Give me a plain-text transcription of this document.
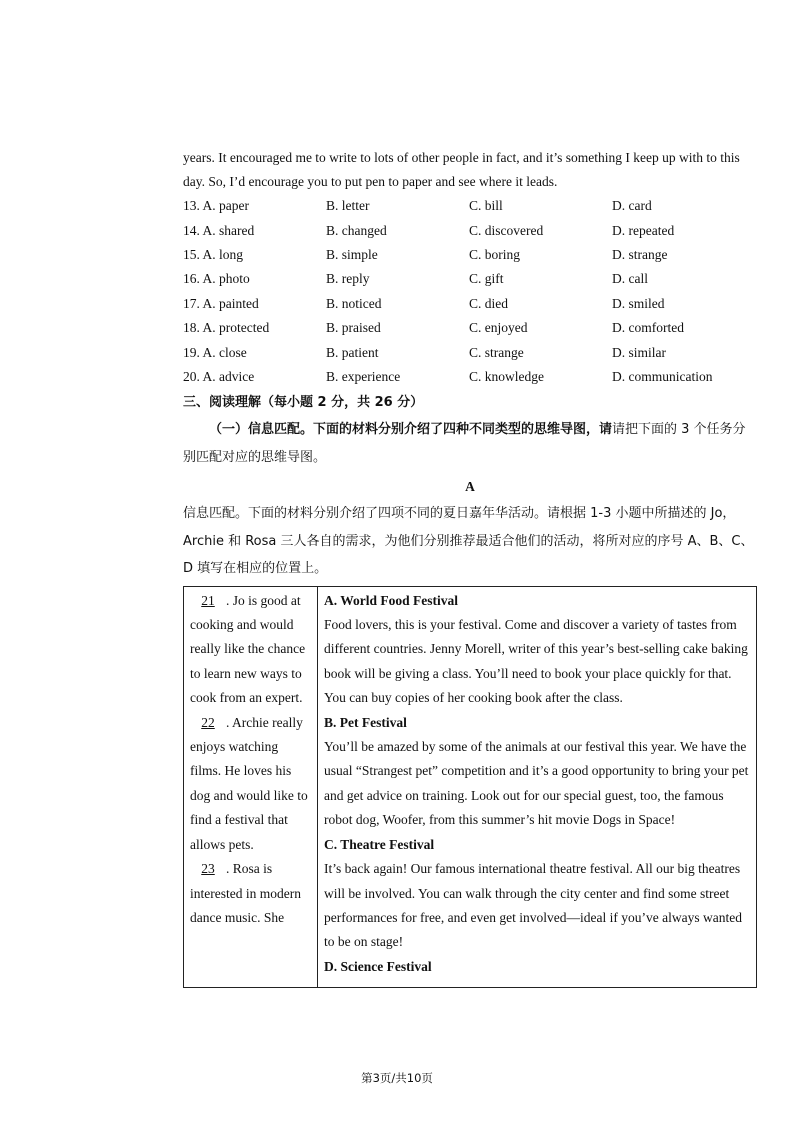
years. It encouraged me to write to lots of other people in fact, and it’s something I keep up with to this day. So, I’d encourage you to put pen to paper and see where it leads.

13. A. paper	B. letter	C. bill	D. card
14. A. shared	B. changed	C. discovered	D. repeated
15. A. long	B. simple	C. boring	D. strange
16. A. photo	B. reply	C. gift	D. call
17. A. painted	B. noticed	C. died	D. smiled
18. A. protected	B. praised	C. enjoyed	D. comforted
19. A. close	B. patient	C. strange	D. similar
20. A. advice	B. experience	C. knowledge	D. communication
三、阅读理解（每小题 2 分，共 26 分）
（一）信息匹配。下面的材料分别介绍了四种不同类型的思维导图，请请把下面的 3 个任务分别匹配对应的思维导图。
A
信息匹配。下面的材料分别介绍了四项不同的夏日嘉年华活动。请根据 1-3 小题中所描述的 Jo，Archie 和 Rosa 三人各自的需求，为他们分别推荐最适合他们的活动，将所对应的序号 A、B、C、D 填写在相应的位置上。
21 . Jo is good at cooking and would really like the chance to learn new ways to cook from an expert.
22 . Archie really enjoys watching films. He loves his dog and would like to find a festival that allows pets.
23 . Rosa is interested in modern dance music. She

A. World Food Festival
Food lovers, this is your festival. Come and discover a variety of tastes from different countries. Jenny Morell, writer of this year’s best-selling cake baking book will be giving a class. You’ll need to book your place quickly for that. You can buy copies of her cooking book after the class.
B. Pet Festival
You’ll be amazed by some of the animals at our festival this year. We have the usual “Strangest pet” competition and it’s a good opportunity to bring your pet and get advice on training. Look out for our special guest, too, the famous robot dog, Woofer, from this summer’s hit movie Dogs in Space!
C. Theatre Festival
It’s back again! Our famous international theatre festival. All our big theatres will be involved. You can walk through the city center and find some street performances for free, and even get involved—ideal if you’ve always wanted to be on stage!
D. Science Festival
第3页/共10页
